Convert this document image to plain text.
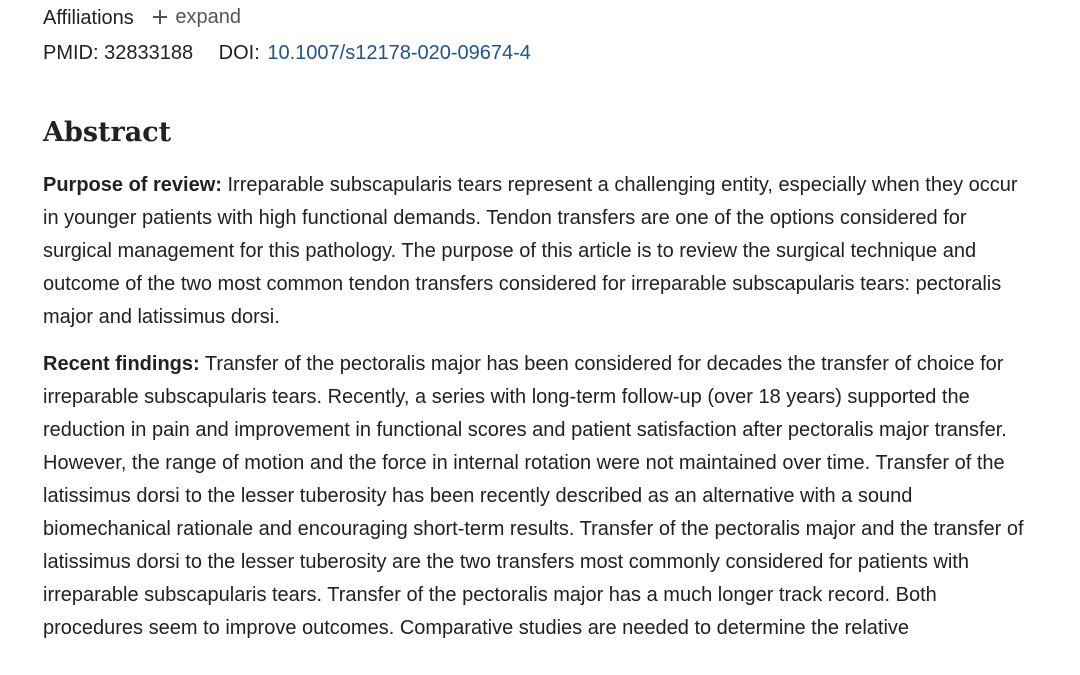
Affiliations expand
PMID: 32833188 DOI: 10.1007/s12178-020-09674-4
Abstract

Purpose of review: Irreparable subscapularis tears represent a challenging entity, especially when they occur in younger patients with high functional demands. Tendon transfers are one of the options considered for surgical management for this pathology. The purpose of this article is to review the surgical technique and outcome of the two most common tendon transfers considered for irreparable subscapularis tears: pectoralis major and latissimus dorsi.

Recent findings: Transfer of the pectoralis major has been considered for decades the transfer of choice for irreparable subscapularis tears. Recently, a series with long-term follow-up (over 18 years) supported the reduction in pain and improvement in functional scores and patient satisfaction after pectoralis major transfer. However, the range of motion and the force in internal rotation were not maintained over time. Transfer of the latissimus dorsi to the lesser tuberosity has been recently described as an alternative with a sound biomechanical rationale and encouraging short-term results. Transfer of the pectoralis major and the transfer of latissimus dorsi to the lesser tuberosity are the two transfers most commonly considered for patients with irreparable subscapularis tears. Transfer of the pectoralis major has a much longer track record. Both procedures seem to improve outcomes. Comparative studies are needed to determine the relative
